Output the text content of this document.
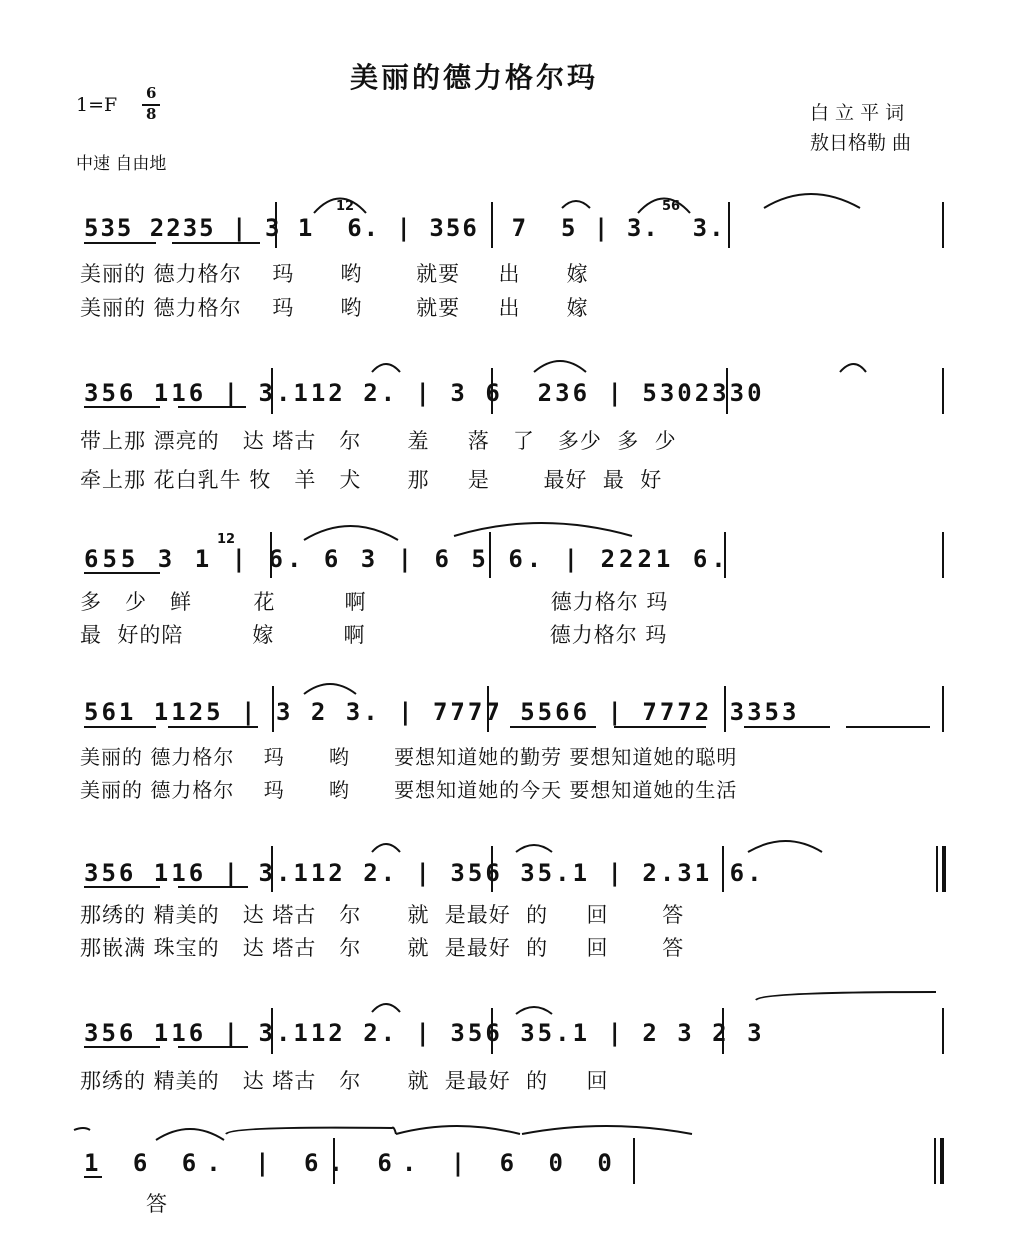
美丽的德力格尔玛
1=F
6
8
中速 自由地
白 立 平 词
敖日格勒 曲
535 2235 | 3 1  6. | 356  7  5 | 3.  3.
美丽的 德力格尔    玛      哟       就要     出      嫁
美丽的 德力格尔    玛      哟       就要     出      嫁
356 116 | 3.112 2. | 3 6  236 | 5302330
带上那 漂亮的   达 塔古   尔      羞     落   了   多少  多  少
牵上那 花白乳牛 牧   羊   犬      那     是       最好  最  好
655 3 1 | 6. 6 3 | 6 5 6. | 2221 6.
多   少   鲜        花         啊                        德力格尔 玛
最  好的陪         嫁         啊                        德力格尔 玛
561 1125 | 3 2 3. | 7777 5566 | 7772 3353
美丽的 德力格尔    玛      哟      要想知道她的勤劳 要想知道她的聪明
美丽的 德力格尔    玛      哟      要想知道她的今天 要想知道她的生活
356 116 | 3.112 2. | 356 35.1 | 2.31 6.
那绣的 精美的   达 塔古   尔      就  是最好  的     回       答
那嵌满 珠宝的   达 塔古   尔      就  是最好  的     回       答
356 116 | 3.112 2. | 356 35.1 | 2 3 2 3
那绣的 精美的   达 塔古   尔      就  是最好  的     回
1 6 6. | 6. 6. | 6 0 0
答
12	56
12
